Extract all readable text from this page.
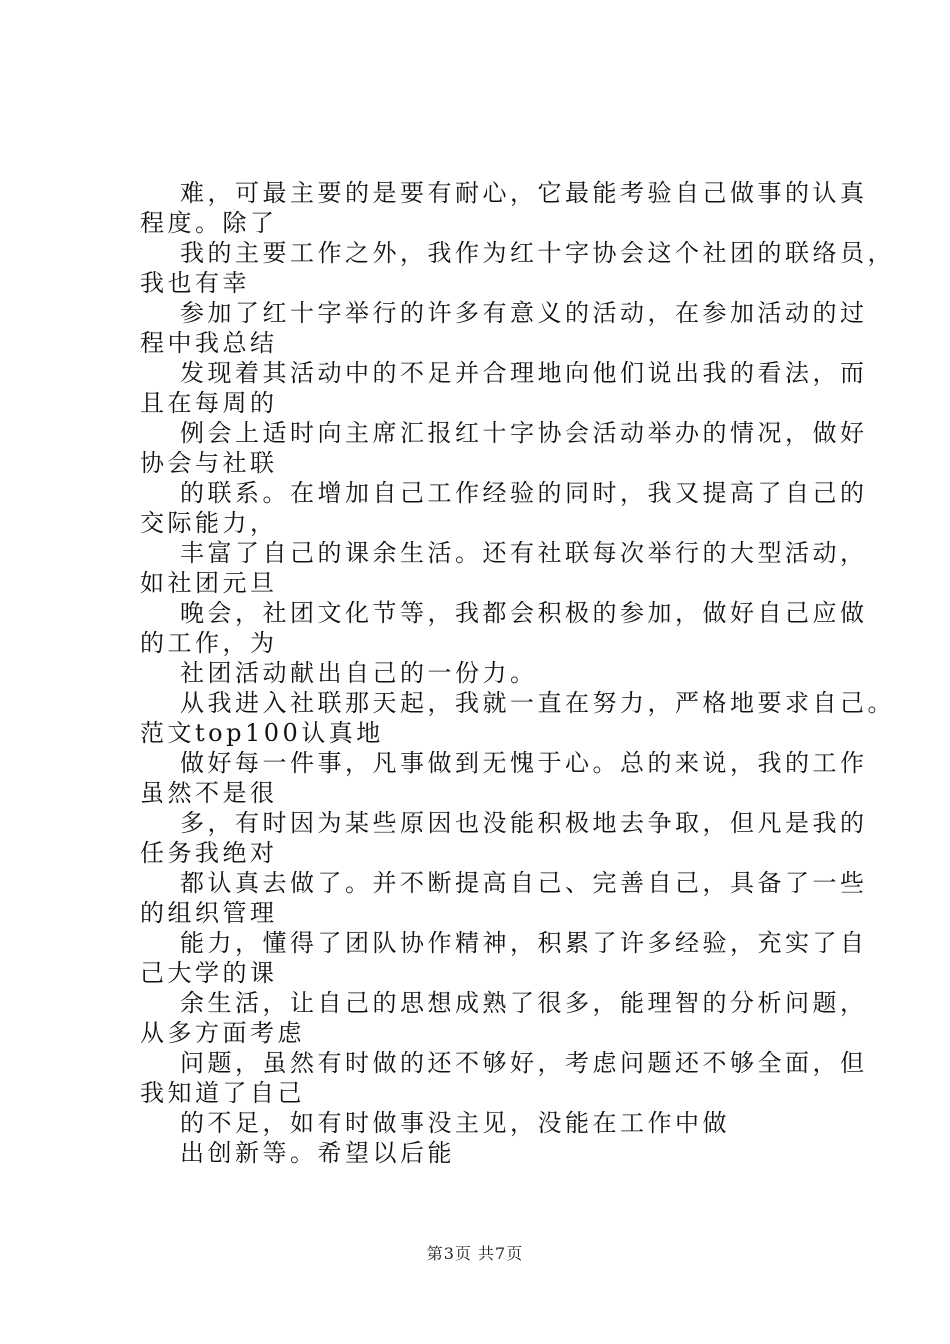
难，可最主要的是要有耐心，它最能考验自己做事的认真
程度。除了
我的主要工作之外，我作为红十字协会这个社团的联络员，
我也有幸
参加了红十字举行的许多有意义的活动，在参加活动的过
程中我总结
发现着其活动中的不足并合理地向他们说出我的看法，而
且在每周的
例会上适时向主席汇报红十字协会活动举办的情况，做好
协会与社联
的联系。在增加自己工作经验的同时，我又提高了自己的
交际能力，
丰富了自己的课余生活。还有社联每次举行的大型活动，
如社团元旦
晚会，社团文化节等，我都会积极的参加，做好自己应做
的工作，为
社团活动献出自己的一份力。
从我进入社联那天起，我就一直在努力，严格地要求自己。
范文top100认真地
做好每一件事，凡事做到无愧于心。总的来说，我的工作
虽然不是很
多，有时因为某些原因也没能积极地去争取，但凡是我的
任务我绝对
都认真去做了。并不断提高自己、完善自己，具备了一些
的组织管理
能力，懂得了团队协作精神，积累了许多经验，充实了自
己大学的课
余生活，让自己的思想成熟了很多，能理智的分析问题，
从多方面考虑
问题，虽然有时做的还不够好，考虑问题还不够全面，但
我知道了自己
的不足，如有时做事没主见，没能在工作中做
出创新等。希望以后能
第3页 共7页
